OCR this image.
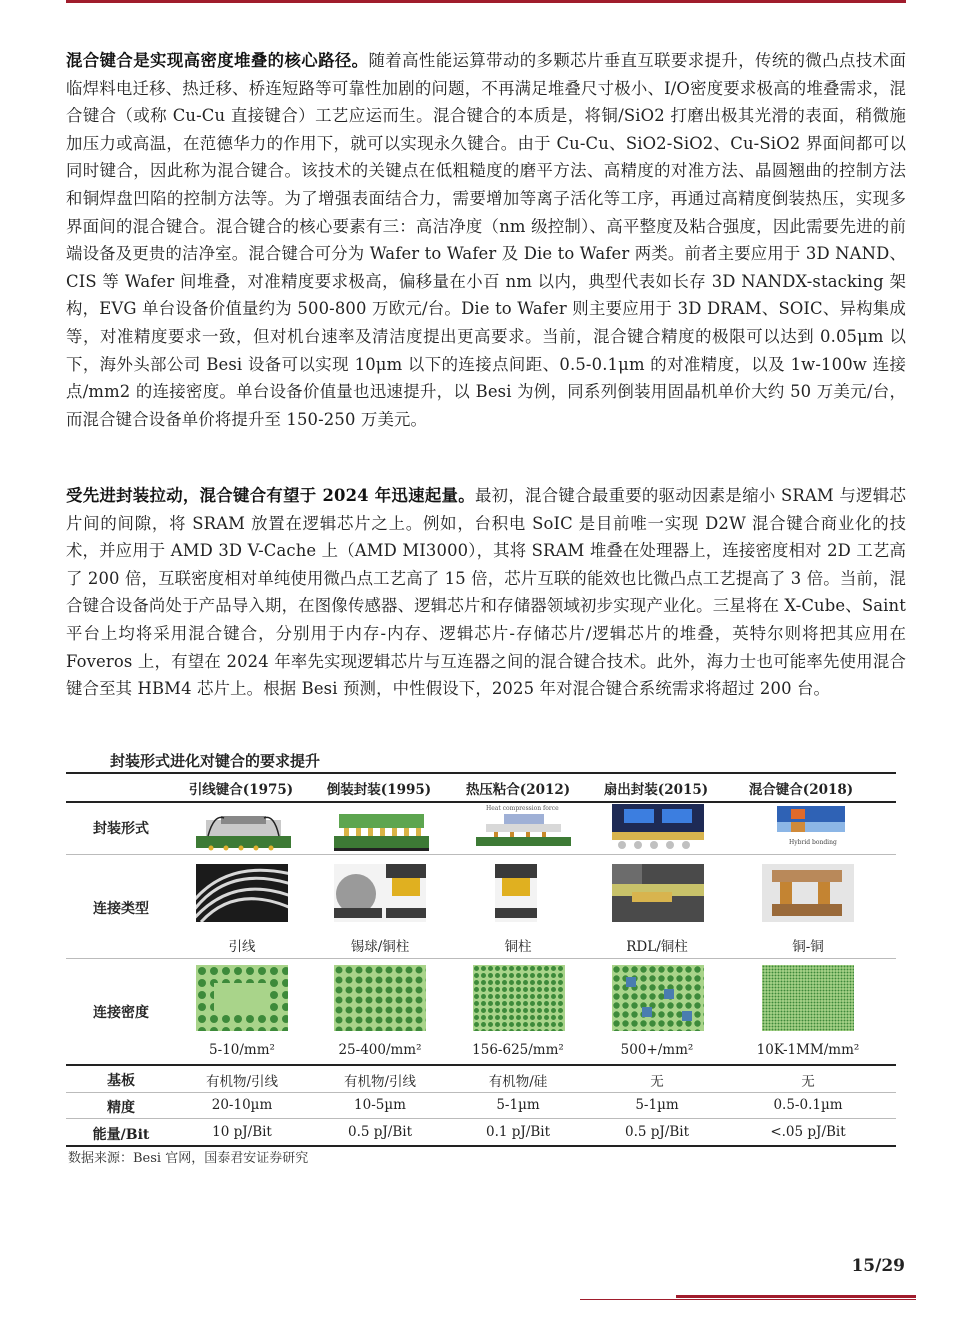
混合键合是实现高密度堆叠的核心路径。随着高性能运算带动的多颗芯片垂直互联要求提升，传统的微凸点技术面临焊料电迁移、热迁移、桥连短路等可靠性加剧的问题，不再满足堆叠尺寸极小、I/O密度要求极高的堆叠需求，混合键合（或称 Cu-Cu 直接键合）工艺应运而生。混合键合的本质是，将铜/SiO2 打磨出极其光滑的表面，稍微施加压力或高温，在范德华力的作用下，就可以实现永久键合。由于 Cu-Cu、SiO2-SiO2、Cu-SiO2 界面间都可以同时键合，因此称为混合键合。该技术的关键点在低粗糙度的磨平方法、高精度的对准方法、晶圆翘曲的控制方法和铜焊盘凹陷的控制方法等。为了增强表面结合力，需要增加等离子活化等工序，再通过高精度倒装热压，实现多界面间的混合键合。混合键合的核心要素有三：高洁净度（nm 级控制）、高平整度及粘合强度，因此需要先进的前端设备及更贵的洁净室。混合键合可分为 Wafer to Wafer 及 Die to Wafer 两类。前者主要应用于 3D NAND、CIS 等 Wafer 间堆叠，对准精度要求极高，偏移量在小百 nm 以内，典型代表如长存 3D NANDX-stacking 架构，EVG 单台设备价值量约为 500-800 万欧元/台。Die to Wafer 则主要应用于 3D DRAM、SOIC、异构集成等，对准精度要求一致，但对机台速率及清洁度提出更高要求。当前，混合键合精度的极限可以达到 0.05μm 以下，海外头部公司 Besi 设备可以实现 10μm 以下的连接点间距、0.5-0.1μm 的对准精度，以及 1w-100w 连接点/mm2 的连接密度。单台设备价值量也迅速提升，以 Besi 为例，同系列倒装用固晶机单价大约 50 万美元/台，而混合键合设备单价将提升至 150-250 万美元。

受先进封装拉动，混合键合有望于 2024 年迅速起量。最初，混合键合最重要的驱动因素是缩小 SRAM 与逻辑芯片间的间隙，将 SRAM 放置在逻辑芯片之上。例如，台积电 SoIC 是目前唯一实现 D2W 混合键合商业化的技术，并应用于 AMD 3D V-Cache 上（AMD MI3000），其将 SRAM 堆叠在处理器上，连接密度相对 2D 工艺高了 200 倍，互联密度相对单纯使用微凸点工艺高了 15 倍，芯片互联的能效也比微凸点工艺提高了 3 倍。当前，混合键合设备尚处于产品导入期，在图像传感器、逻辑芯片和存储器领域初步实现产业化。三星将在 X-Cube、Saint 平台上均将采用混合键合，分别用于内存-内存、逻辑芯片-存储芯片/逻辑芯片的堆叠，英特尔则将把其应用在 Foveros 上，有望在 2024 年率先实现逻辑芯片与互连器之间的混合键合技术。此外，海力士也可能率先使用混合键合至其 HBM4 芯片上。根据 Besi 预测，中性假设下，2025 年对混合键合系统需求将超过 200 台。

封装形式进化对键合的要求提升
引线键合(1975)	倒装封装(1995)	热压粘合(2012)	扇出封装(2015)	混合键合(2018)
封装形式
Heat compression force
Hybrid bonding
连接类型
引线	锡球/铜柱	铜柱	RDL/铜柱	铜-铜
连接密度
5-10/mm²	25-400/mm²	156-625/mm²	500+/mm²	10K-1MM/mm²
基板	有机物/引线	有机物/引线	有机物/硅	无	无
精度	20-10µm	10-5µm	5-1µm	5-1µm	0.5-0.1µm
能量/Bit	10 pJ/Bit	0.5 pJ/Bit	0.1 pJ/Bit	0.5 pJ/Bit	<.05 pJ/Bit
数据来源：Besi 官网，国泰君安证券研究
15/29
